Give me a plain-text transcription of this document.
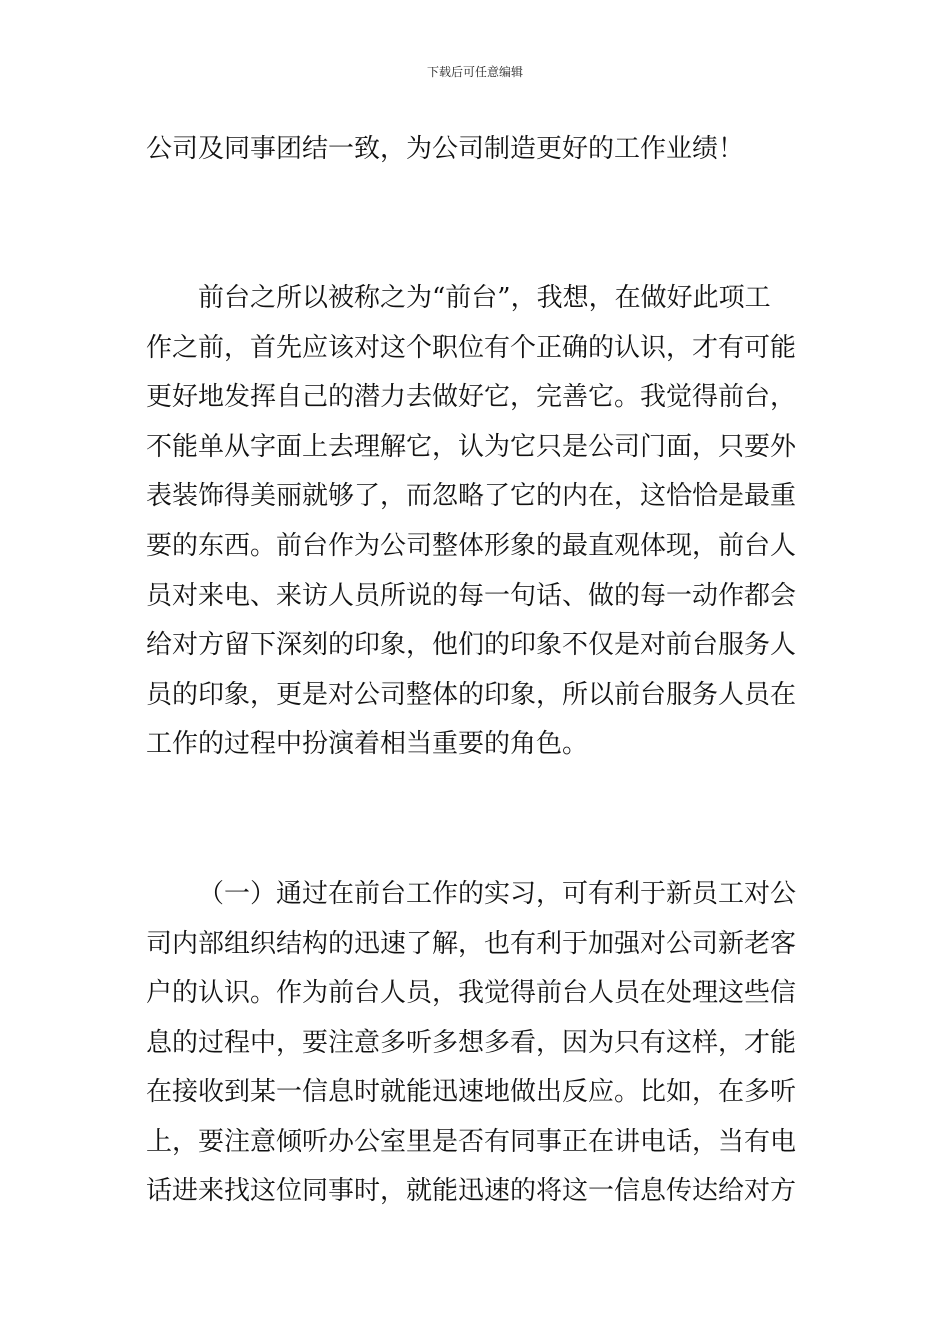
下载后可任意编辑
公司及同事团结一致，为公司制造更好的工作业绩！
前台之所以被称之为“前台”，我想，在做好此项工
作之前，首先应该对这个职位有个正确的认识，才有可能
更好地发挥自己的潜力去做好它，完善它。我觉得前台，
不能单从字面上去理解它，认为它只是公司门面，只要外
表装饰得美丽就够了，而忽略了它的内在，这恰恰是最重
要的东西。前台作为公司整体形象的最直观体现，前台人
员对来电、来访人员所说的每一句话、做的每一动作都会
给对方留下深刻的印象，他们的印象不仅是对前台服务人
员的印象，更是对公司整体的印象，所以前台服务人员在
工作的过程中扮演着相当重要的角色。
（一）通过在前台工作的实习，可有利于新员工对公
司内部组织结构的迅速了解，也有利于加强对公司新老客
户的认识。作为前台人员，我觉得前台人员在处理这些信
息的过程中，要注意多听多想多看，因为只有这样，才能
在接收到某一信息时就能迅速地做出反应。比如，在多听
上，要注意倾听办公室里是否有同事正在讲电话，当有电
话进来找这位同事时，就能迅速的将这一信息传达给对方
